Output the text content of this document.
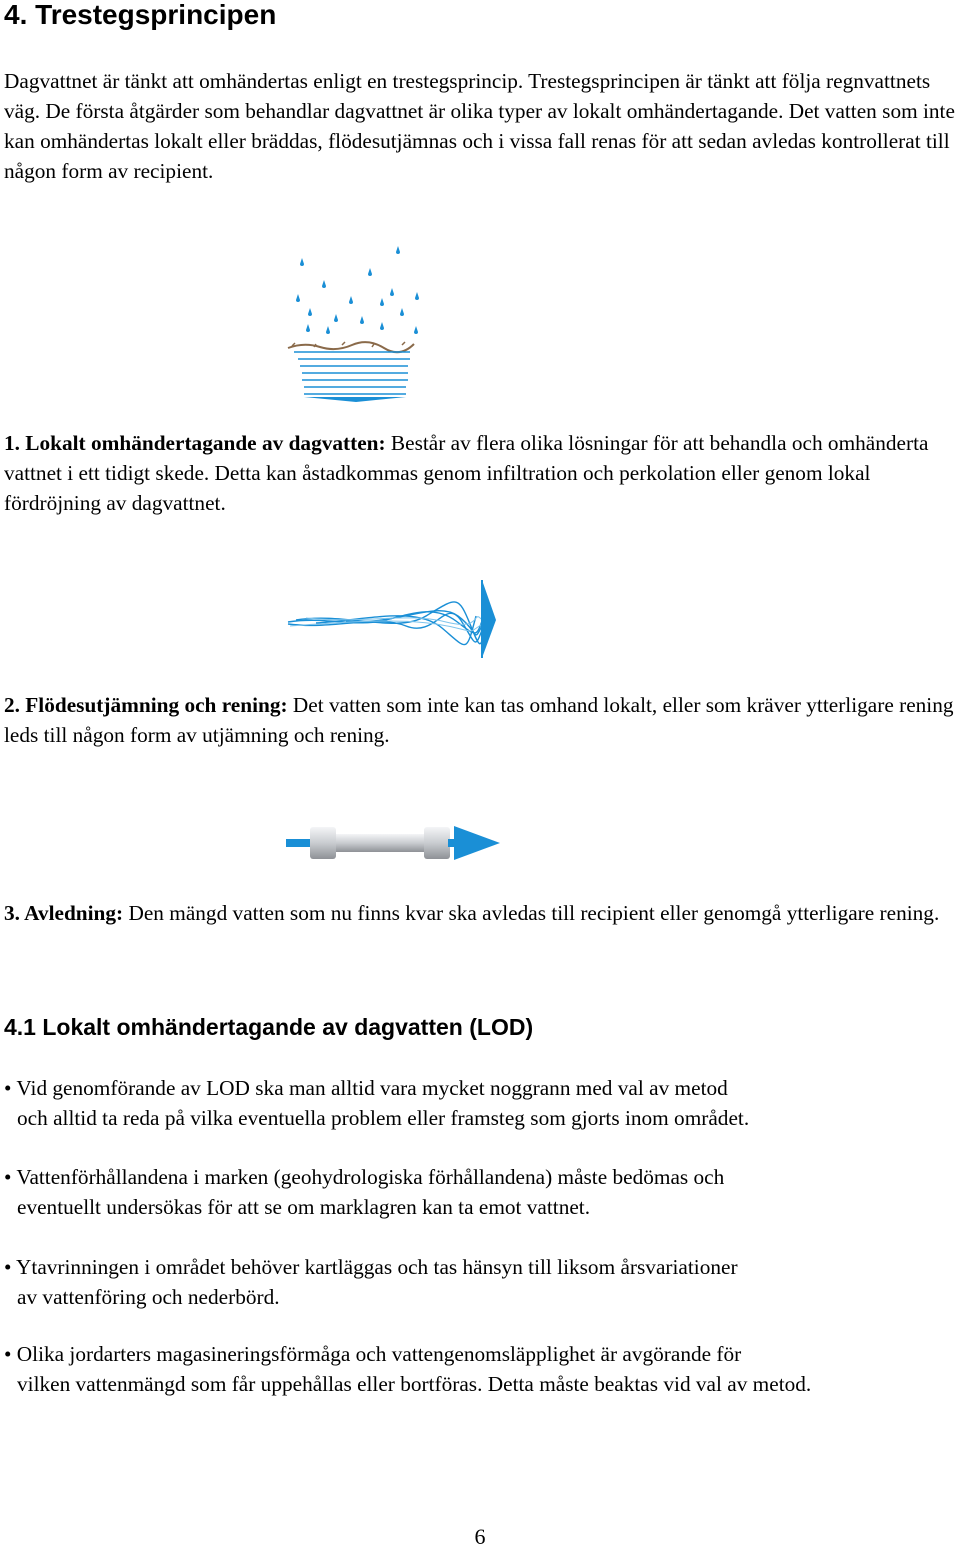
4. Trestegsprincipen

Dagvattnet är tänkt att omhändertas enligt en trestegsprincip. Trestegsprincipen är tänkt att följa regnvattnets väg. De första åtgärder som behandlar dagvattnet är olika typer av lokalt omhändertagande. Det vatten som inte kan omhändertas lokalt eller bräddas, flödesutjämnas och i vissa fall renas för att sedan avledas kontrollerat till någon form av recipient.

1. Lokalt omhändertagande av dagvatten: Består av flera olika lösningar för att behandla och omhänderta vattnet i ett tidigt skede. Detta kan åstadkommas genom infiltration och perkolation eller genom lokal fördröjning av dagvattnet.

2. Flödesutjämning och rening: Det vatten som inte kan tas omhand lokalt, eller som kräver ytterligare rening leds till någon form av utjämning och rening.

3. Avledning: Den mängd vatten som nu finns kvar ska avledas till recipient eller genomgå ytterligare rening.

4.1 Lokalt omhändertagande av dagvatten (LOD)
• Vid genomförande av LOD ska man alltid vara mycket noggrann med val av metod
och alltid ta reda på vilka eventuella problem eller framsteg som gjorts inom området.
• Vattenförhållandena i marken (geohydrologiska förhållandena) måste bedömas och
eventuellt undersökas för att se om marklagren kan ta emot vattnet.
• Ytavrinningen i området behöver kartläggas och tas hänsyn till liksom årsvariationer
av vattenföring och nederbörd.
• Olika jordarters magasineringsförmåga och vattengenomsläpplighet är avgörande för
vilken vattenmängd som får uppehållas eller bortföras. Detta måste beaktas vid val av metod.
6
